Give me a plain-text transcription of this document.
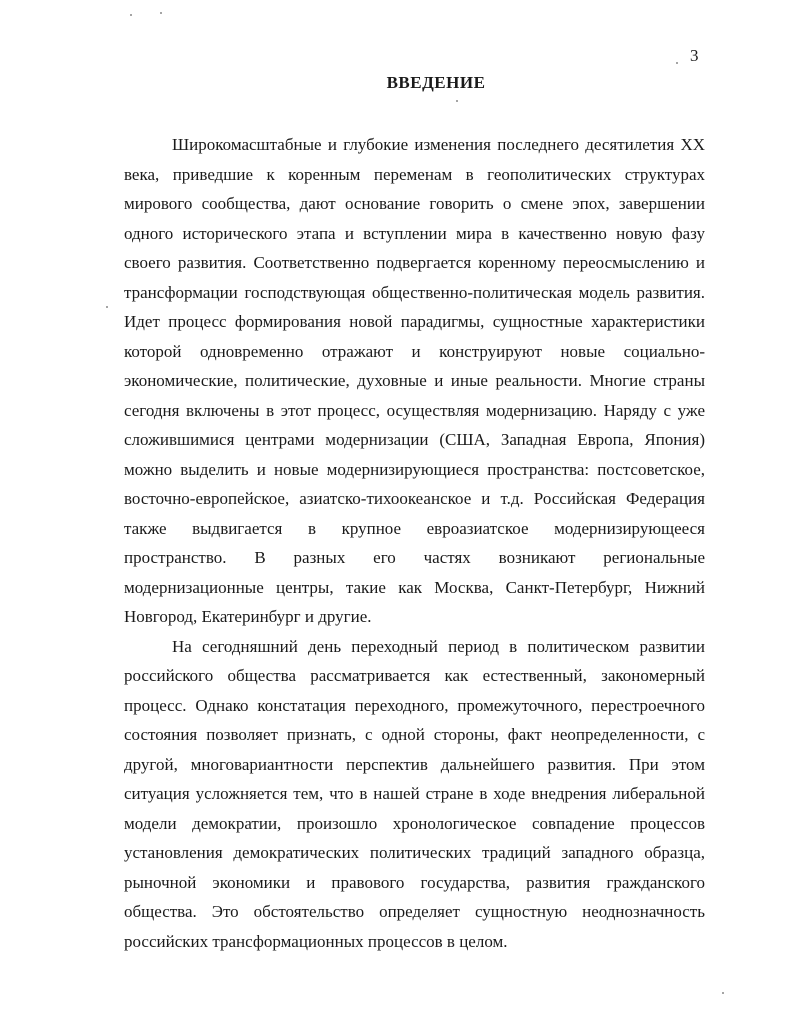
3
ВВЕДЕНИЕ

Широкомасштабные и глубокие изменения последнего десятилетия XX века, приведшие к коренным переменам в геополитических структурах мирового сообщества, дают основание говорить о смене эпох, завершении одного исторического этапа и вступлении мира в качественно новую фазу своего развития. Соответственно подвергается коренному переосмыслению и трансформации господствующая общественно-политическая модель развития. Идет процесс формирования новой парадигмы, сущностные характеристики которой одновременно отражают и конструируют новые социально-экономические, политические, духовные и иные реальности. Многие страны сегодня включены в этот процесс, осуществляя модернизацию. Наряду с уже сложившимися центрами модернизации (США, Западная Европа, Япония) можно выделить и новые модернизирующиеся пространства: постсоветское, восточно-европейское, азиатско-тихоокеанское и т.д. Российская Федерация также выдвигается в крупное евроазиатское модернизирующееся пространство. В разных его частях возникают региональные модернизационные центры, такие как Москва, Санкт-Петербург, Нижний Новгород, Екатеринбург и другие.

На сегодняшний день переходный период в политическом развитии российского общества рассматривается как естественный, закономерный процесс. Однако констатация переходного, промежуточного, перестроечного состояния позволяет признать, с одной стороны, факт неопределенности, с другой, многовариантности перспектив дальнейшего развития. При этом ситуация усложняется тем, что в нашей стране в ходе внедрения либеральной модели демократии, произошло хронологическое совпадение процессов установления демократических политических традиций западного образца, рыночной экономики и правового государства, развития гражданского общества. Это обстоятельство определяет сущностную неоднозначность российских трансформационных процессов в целом.
